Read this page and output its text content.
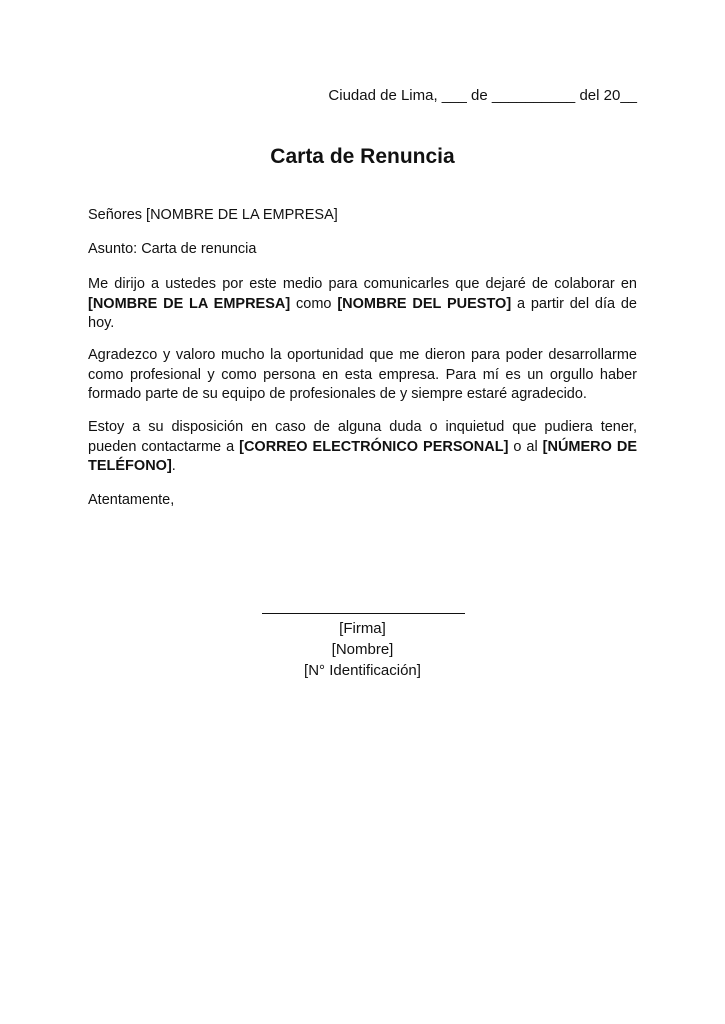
Ciudad de Lima, ___ de __________ del 20__
Carta de Renuncia
Señores [NOMBRE DE LA EMPRESA]
Asunto: Carta de renuncia
Me dirijo a ustedes por este medio para comunicarles que dejaré de colaborar en [NOMBRE DE LA EMPRESA] como [NOMBRE DEL PUESTO] a partir del día de hoy.
Agradezco y valoro mucho la oportunidad que me dieron para poder desarrollarme como profesional y como persona en esta empresa. Para mí es un orgullo haber formado parte de su equipo de profesionales de y siempre estaré agradecido.
Estoy a su disposición en caso de alguna duda o inquietud que pudiera tener, pueden contactarme a [CORREO ELECTRÓNICO PERSONAL] o al [NÚMERO DE TELÉFONO].
Atentamente,
[Firma]
[Nombre]
[N° Identificación]
